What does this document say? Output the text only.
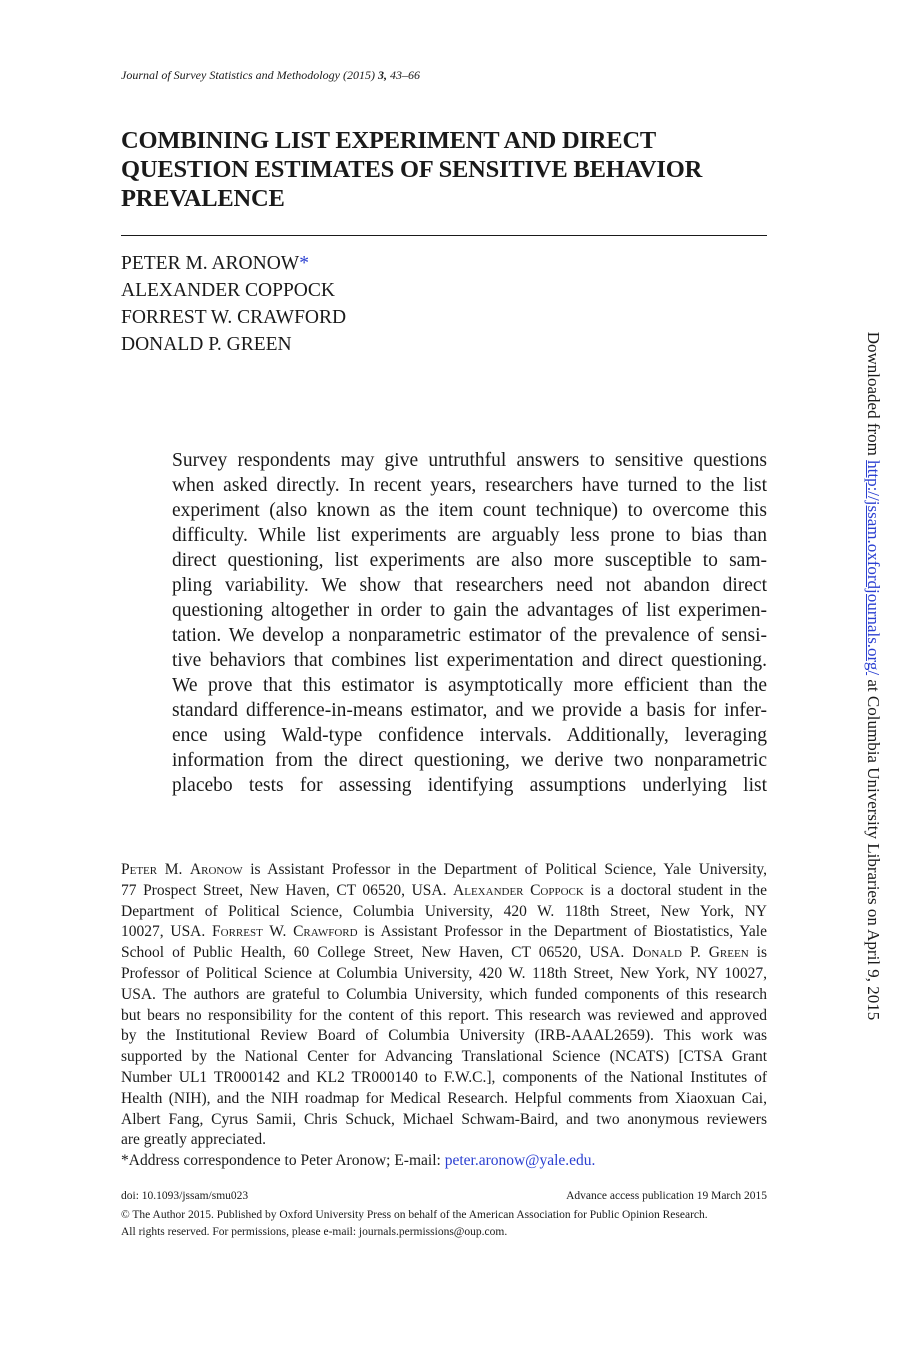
Journal of Survey Statistics and Methodology (2015) 3, 43–66
COMBINING LIST EXPERIMENT AND DIRECT
QUESTION ESTIMATES OF SENSITIVE BEHAVIOR
PREVALENCE
PETER M. ARONOW*
ALEXANDER COPPOCK
FORREST W. CRAWFORD
DONALD P. GREEN
Survey respondents may give untruthful answers to sensitive questions
when asked directly. In recent years, researchers have turned to the list
experiment (also known as the item count technique) to overcome this
difficulty. While list experiments are arguably less prone to bias than
direct questioning, list experiments are also more susceptible to sam-
pling variability. We show that researchers need not abandon direct
questioning altogether in order to gain the advantages of list experimen-
tation. We develop a nonparametric estimator of the prevalence of sensi-
tive behaviors that combines list experimentation and direct questioning.
We prove that this estimator is asymptotically more efficient than the
standard difference-in-means estimator, and we provide a basis for infer-
ence using Wald-type confidence intervals. Additionally, leveraging
information from the direct questioning, we derive two nonparametric
placebo tests for assessing identifying assumptions underlying list
Peter M. Aronow is Assistant Professor in the Department of Political Science, Yale University,
77 Prospect Street, New Haven, CT 06520, USA. Alexander Coppock is a doctoral student in the
Department of Political Science, Columbia University, 420 W. 118th Street, New York, NY
10027, USA. Forrest W. Crawford is Assistant Professor in the Department of Biostatistics, Yale
School of Public Health, 60 College Street, New Haven, CT 06520, USA. Donald P. Green is
Professor of Political Science at Columbia University, 420 W. 118th Street, New York, NY 10027,
USA. The authors are grateful to Columbia University, which funded components of this research
but bears no responsibility for the content of this report. This research was reviewed and approved
by the Institutional Review Board of Columbia University (IRB-AAAL2659). This work was
supported by the National Center for Advancing Translational Science (NCATS) [CTSA Grant
Number UL1 TR000142 and KL2 TR000140 to F.W.C.], components of the National Institutes of
Health (NIH), and the NIH roadmap for Medical Research. Helpful comments from Xiaoxuan Cai,
Albert Fang, Cyrus Samii, Chris Schuck, Michael Schwam-Baird, and two anonymous reviewers
are greatly appreciated.
*Address correspondence to Peter Aronow; E-mail: peter.aronow@yale.edu.
doi: 10.1093/jssam/smu023	Advance access publication 19 March 2015
© The Author 2015. Published by Oxford University Press on behalf of the American Association for Public Opinion Research.
All rights reserved. For permissions, please e-mail: journals.permissions@oup.com.
Downloaded from http://jssam.oxfordjournals.org/ at Columbia University Libraries on April 9, 2015
